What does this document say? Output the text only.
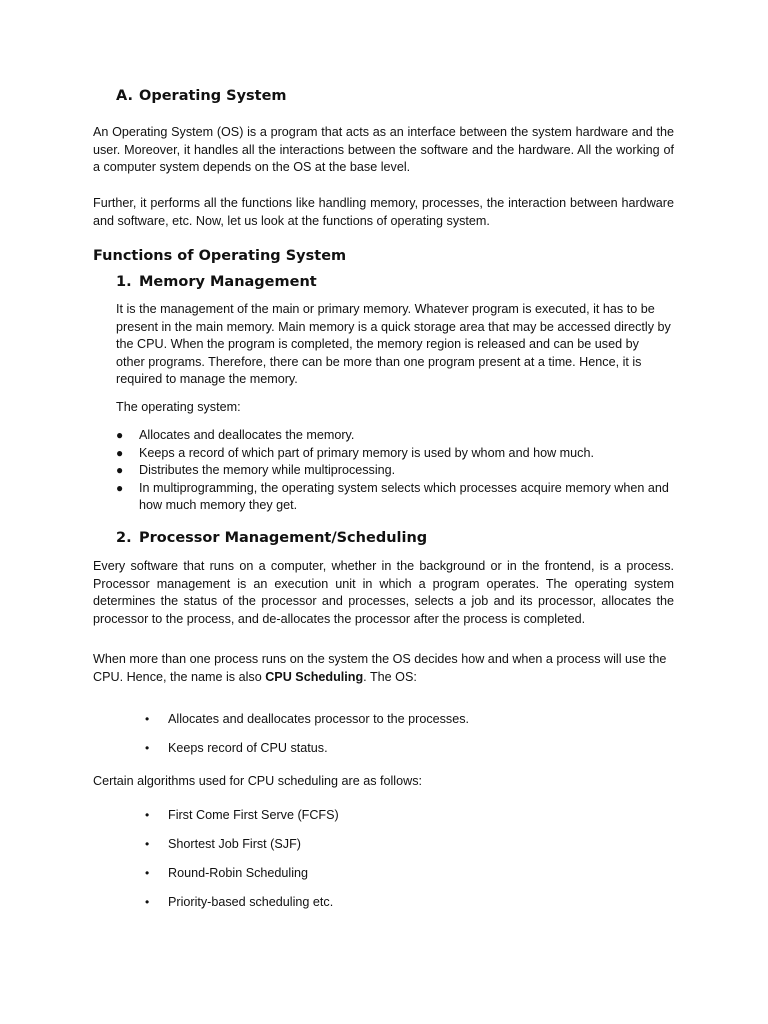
A. Operating System

An Operating System (OS) is a program that acts as an interface between the system hardware and the user. Moreover, it handles all the interactions between the software and the hardware. All the working of a computer system depends on the OS at the base level.

Further, it performs all the functions like handling memory, processes, the interaction between hardware and software, etc. Now, let us look at the functions of operating system.

Functions of Operating System
1. Memory Management

It is the management of the main or primary memory. Whatever program is executed, it has to be present in the main memory. Main memory is a quick storage area that may be accessed directly by the CPU. When the program is completed, the memory region is released and can be used by other programs. Therefore, there can be more than one program present at a time. Hence, it is required to manage the memory.

The operating system:

● Allocates and deallocates the memory.
● Keeps a record of which part of primary memory is used by whom and how much.
● Distributes the memory while multiprocessing.
● In multiprogramming, the operating system selects which processes acquire memory when and how much memory they get.
2. Processor Management/Scheduling

Every software that runs on a computer, whether in the background or in the frontend, is a process. Processor management is an execution unit in which a program operates. The operating system determines the status of the processor and processes, selects a job and its processor, allocates the processor to the process, and de-allocates the processor after the process is completed.

When more than one process runs on the system the OS decides how and when a process will use the CPU. Hence, the name is also CPU Scheduling. The OS:

• Allocates and deallocates processor to the processes.
• Keeps record of CPU status.

Certain algorithms used for CPU scheduling are as follows:

• First Come First Serve (FCFS)
• Shortest Job First (SJF)
• Round-Robin Scheduling
• Priority-based scheduling etc.
